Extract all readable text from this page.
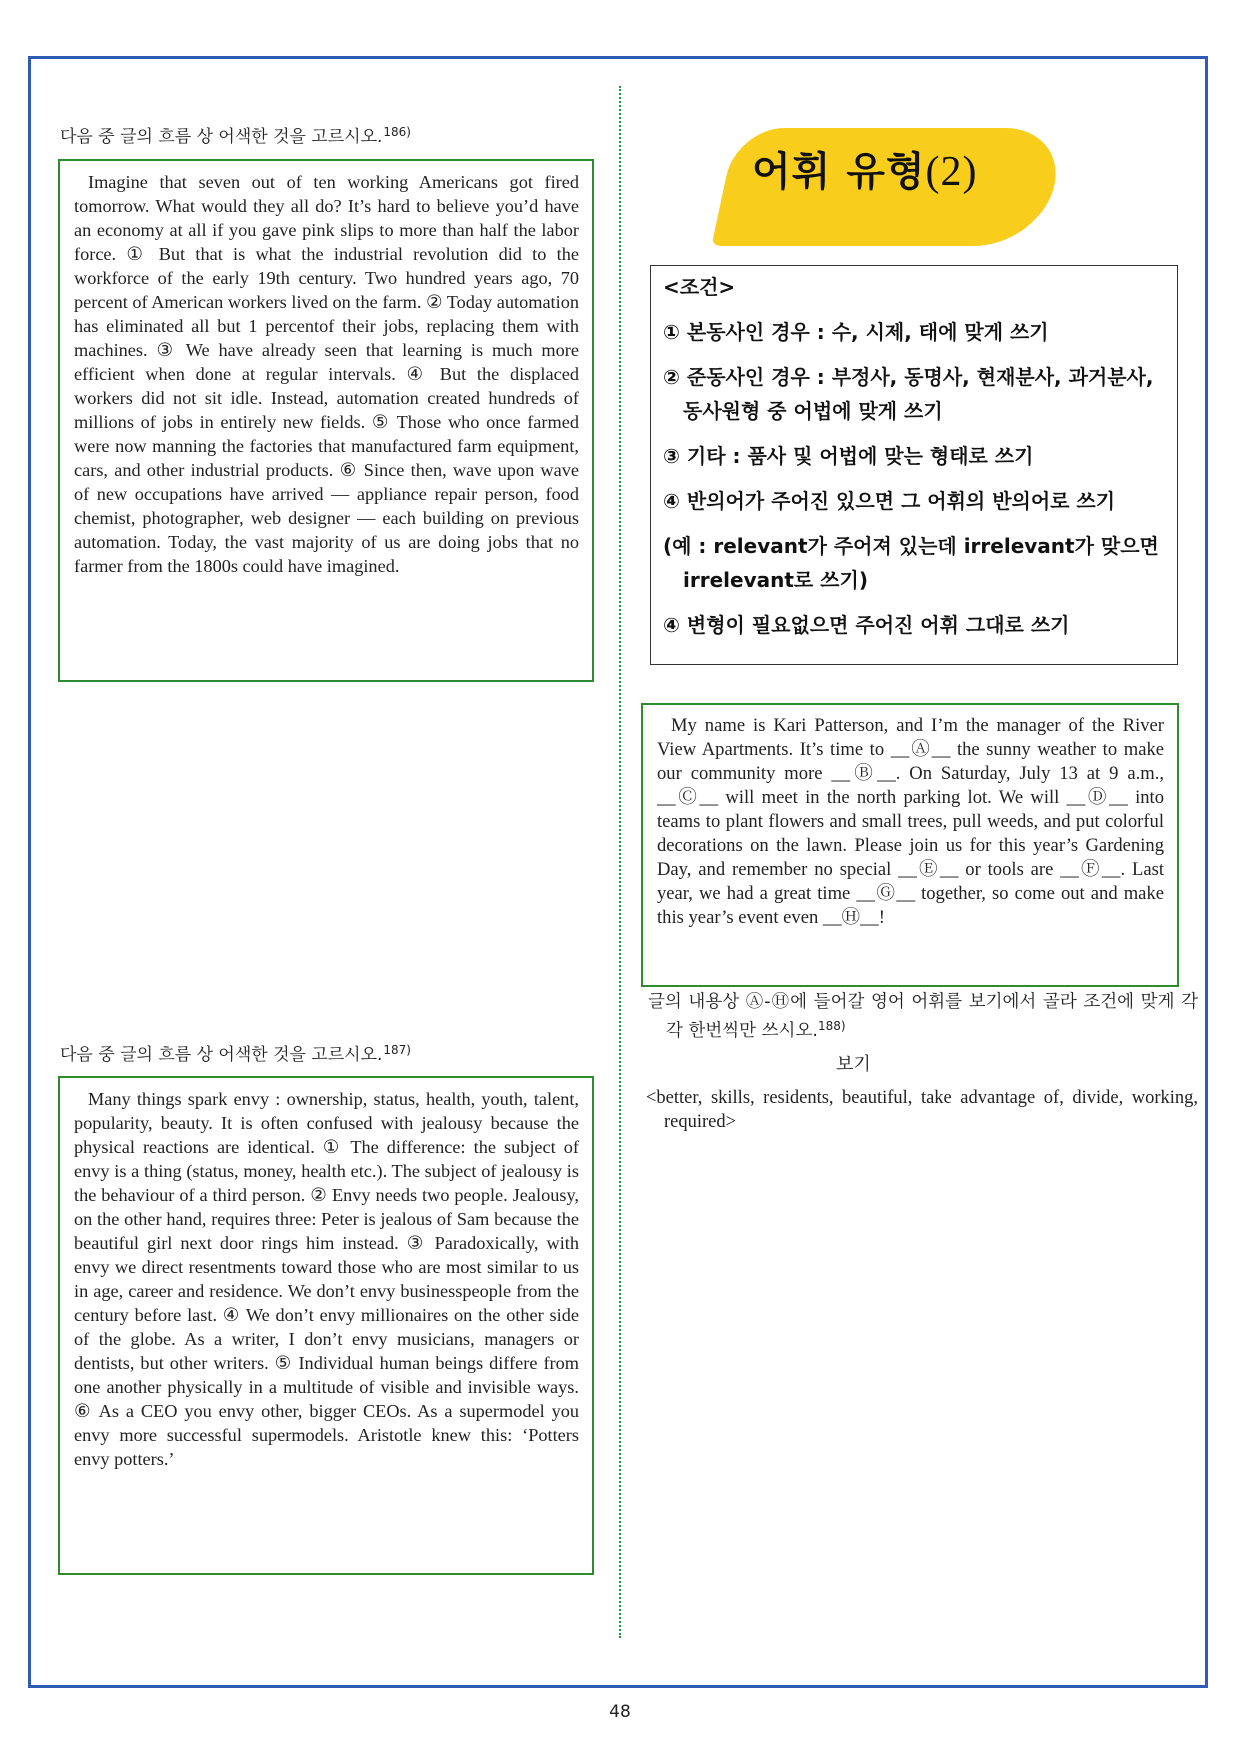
다음 중 글의 흐름 상 어색한 것을 고르시오.$^{186)}$
Imagine that seven out of ten working Americans got fired tomorrow. What would they all do? It’s hard to believe you’d have an economy at all if you gave pink slips to more than half the labor force. ① But that is what the industrial revolution did to the workforce of the early 19th century. Two hundred years ago, 70 percent of American workers lived on the farm. ② Today automation has eliminated all but 1 percentof their jobs, replacing them with machines. ③ We have already seen that learning is much more efficient when done at regular intervals. ④ But the displaced workers did not sit idle. Instead, automation created hundreds of millions of jobs in entirely new fields. ⑤ Those who once farmed were now manning the factories that manufactured farm equipment, cars, and other industrial products. ⑥ Since then, wave upon wave of new occupations have arrived — appliance repair person, food chemist, photographer, web designer — each building on previous automation. Today, the vast majority of us are doing jobs that no farmer from the 1800s could have imagined.
다음 중 글의 흐름 상 어색한 것을 고르시오.$^{187)}$
Many things spark envy : ownership, status, health, youth, talent, popularity, beauty. It is often confused with jealousy because the physical reactions are identical. ① The difference: the subject of envy is a thing (status, money, health etc.). The subject of jealousy is the behaviour of a third person. ② Envy needs two people. Jealousy, on the other hand, requires three: Peter is jealous of Sam because the beautiful girl next door rings him instead. ③ Paradoxically, with envy we direct resentments toward those who are most similar to us in age, career and residence. We don’t envy businesspeople from the century before last. ④ We don’t envy millionaires on the other side of the globe. As a writer, I don’t envy musicians, managers or dentists, but other writers. ⑤ Individual human beings differe from one another physically in a multitude of visible and invisible ways. ⑥ As a CEO you envy other, bigger CEOs. As a supermodel you envy more successful supermodels. Aristotle knew this: ‘Potters envy potters.’
어휘 유형(2)

<조건>

① 본동사인 경우 : 수, 시제, 태에 맞게 쓰기

② 준동사인 경우 : 부정사, 동명사, 현재분사, 과거분사, 동사원형 중 어법에 맞게 쓰기

③ 기타 : 품사 및 어법에 맞는 형태로 쓰기

④ 반의어가 주어진 있으면 그 어휘의 반의어로 쓰기

(예 : relevant가 주어져 있는데 irrelevant가 맞으면 irrelevant로 쓰기)

④ 변형이 필요없으면 주어진 어휘 그대로 쓰기

My name is Kari Patterson, and I’m the manager of the River View Apartments. It’s time to __Ⓐ__ the sunny weather to make our community more __Ⓑ__. On Saturday, July 13 at 9 a.m., __Ⓒ__ will meet in the north parking lot. We will __Ⓓ__ into teams to plant flowers and small trees, pull weeds, and put colorful decorations on the lawn. Please join us for this year’s Gardening Day, and remember no special __Ⓔ__ or tools are __Ⓕ__. Last year, we had a great time __Ⓖ__ together, so come out and make this year’s event even __Ⓗ__!
글의 내용상 Ⓐ-Ⓗ에 들어갈 영어 어휘를 보기에서 골라 조건에 맞게 각각 한번씩만 쓰시오.$^{188)}$
보기
<better, skills, residents, beautiful, take advantage of, divide, working, required>
48
